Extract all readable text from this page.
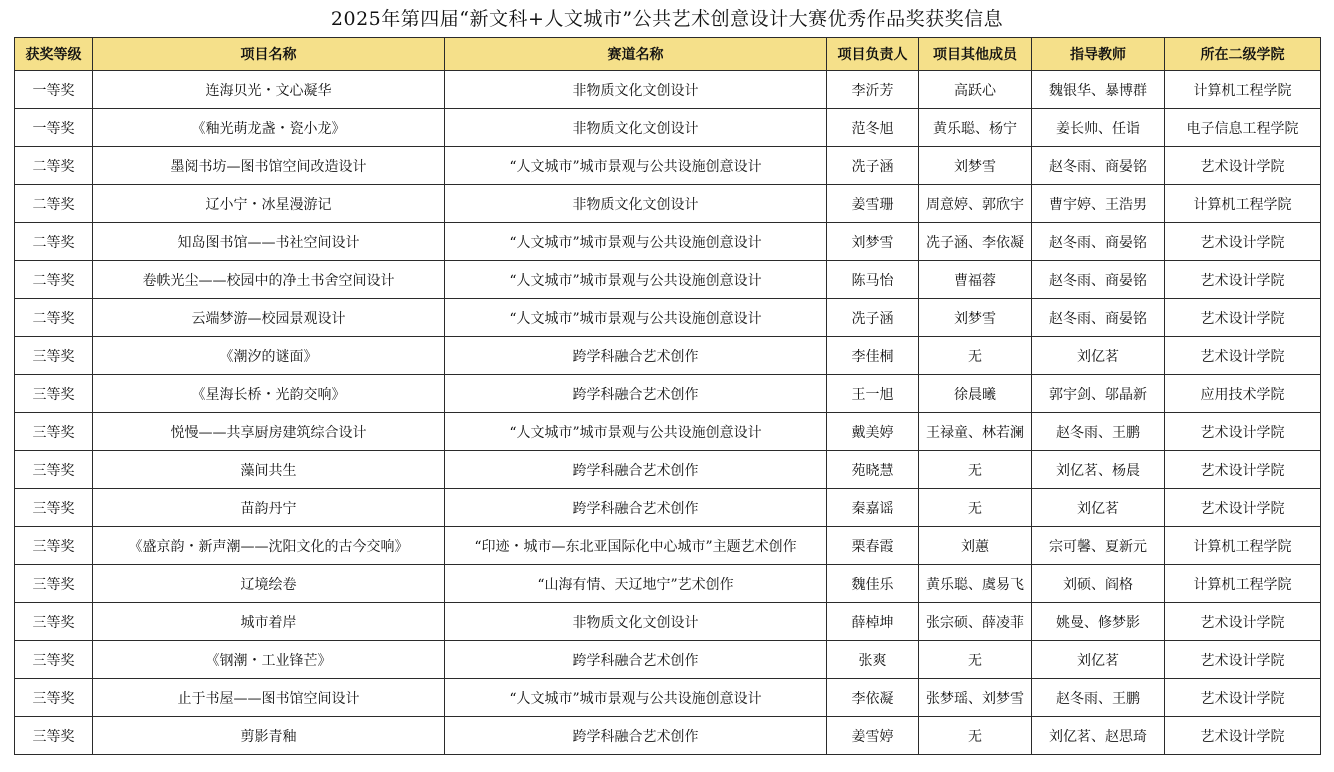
2025年第四届“新文科+人文城市”公共艺术创意设计大赛优秀作品奖获奖信息
获奖等级	项目名称	赛道名称	项目负责人	项目其他成员	指导教师	所在二级学院
一等奖	连海贝光・文心凝华	非物质文化文创设计	李沂芳	高跃心	魏银华、暴博群	计算机工程学院
一等奖	《釉光萌龙盏・瓷小龙》	非物质文化文创设计	范冬旭	黄乐聪、杨宁	姜长帅、任诣	电子信息工程学院
二等奖	墨阅书坊—图书馆空间改造设计	“人文城市”城市景观与公共设施创意设计	冼子涵	刘梦雪	赵冬雨、商晏铭	艺术设计学院
二等奖	辽小宁・冰星漫游记	非物质文化文创设计	姜雪珊	周意婷、郭欣宇	曹宇婷、王浩男	计算机工程学院
二等奖	知岛图书馆——书社空间设计	“人文城市”城市景观与公共设施创意设计	刘梦雪	冼子涵、李依凝	赵冬雨、商晏铭	艺术设计学院
二等奖	卷帙光尘——校园中的净土书舍空间设计	“人文城市”城市景观与公共设施创意设计	陈马怡	曹福蓉	赵冬雨、商晏铭	艺术设计学院
二等奖	云端梦游—校园景观设计	“人文城市”城市景观与公共设施创意设计	冼子涵	刘梦雪	赵冬雨、商晏铭	艺术设计学院
三等奖	《潮汐的谜面》	跨学科融合艺术创作	李佳桐	无	刘亿茗	艺术设计学院
三等奖	《星海长桥・光韵交响》	跨学科融合艺术创作	王一旭	徐晨曦	郭宇剑、邬晶新	应用技术学院
三等奖	悦慢——共享厨房建筑综合设计	“人文城市”城市景观与公共设施创意设计	戴美婷	王禄童、林若澜	赵冬雨、王鹏	艺术设计学院
三等奖	藻间共生	跨学科融合艺术创作	苑晓慧	无	刘亿茗、杨晨	艺术设计学院
三等奖	苗韵丹宁	跨学科融合艺术创作	秦嘉谣	无	刘亿茗	艺术设计学院
三等奖	《盛京韵・新声潮——沈阳文化的古今交响》	“印迹・城市—东北亚国际化中心城市”主题艺术创作	栗春霞	刘蕙	宗可馨、夏新元	计算机工程学院
三等奖	辽境绘卷	“山海有情、天辽地宁”艺术创作	魏佳乐	黄乐聪、虞易飞	刘硕、阎格	计算机工程学院
三等奖	城市着岸	非物质文化文创设计	薛棹坤	张宗硕、薛凌菲	姚曼、修梦影	艺术设计学院
三等奖	《钢潮・工业锋芒》	跨学科融合艺术创作	张爽	无	刘亿茗	艺术设计学院
三等奖	止于书屋——图书馆空间设计	“人文城市”城市景观与公共设施创意设计	李依凝	张梦瑶、刘梦雪	赵冬雨、王鹏	艺术设计学院
三等奖	剪影青釉	跨学科融合艺术创作	姜雪婷	无	刘亿茗、赵思琦	艺术设计学院
